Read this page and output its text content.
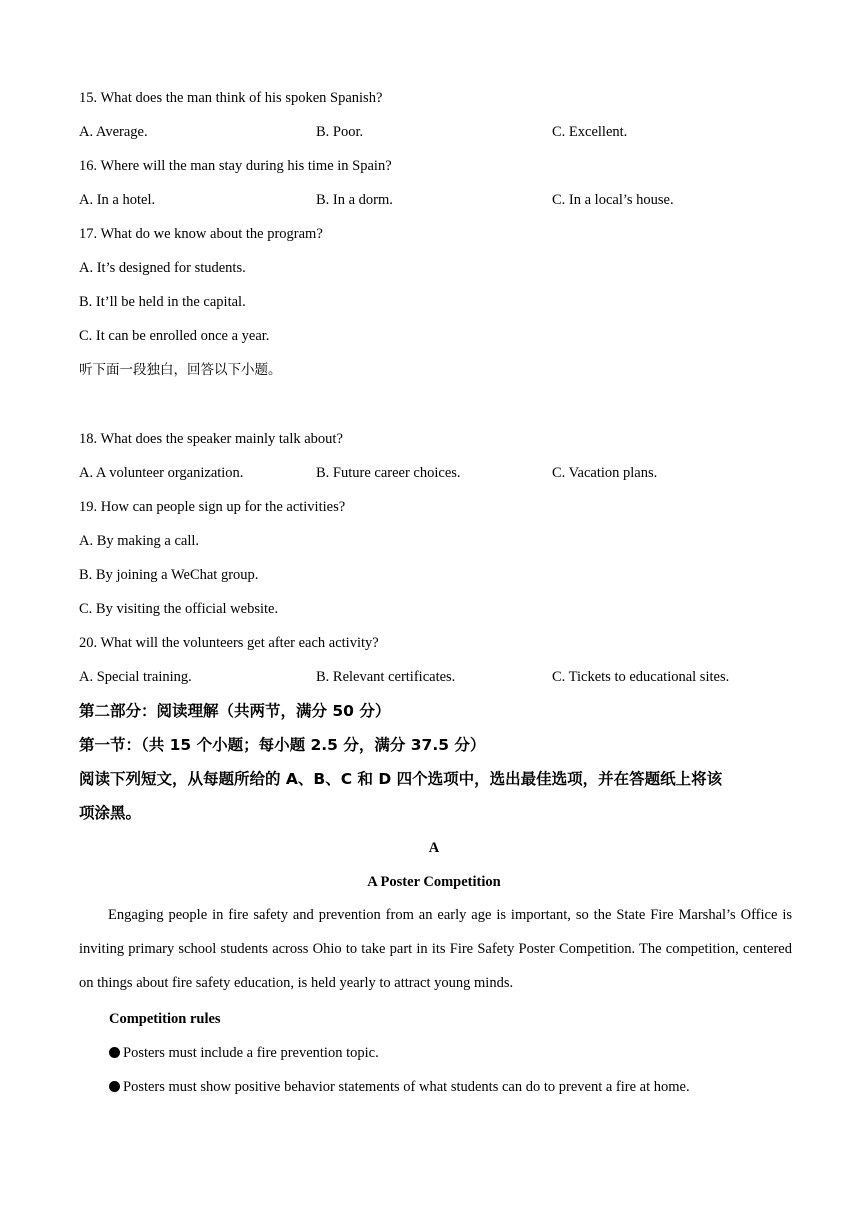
15. What does the man think of his spoken Spanish?
A. Average.	B. Poor.	C. Excellent.
16. Where will the man stay during his time in Spain?
A. In a hotel.	B. In a dorm.	C. In a local’s house.
17. What do we know about the program?
A. It’s designed for students.
B. It’ll be held in the capital.
C. It can be enrolled once a year.
听下面一段独白，回答以下小题。
18. What does the speaker mainly talk about?
A. A volunteer organization.	B. Future career choices.	C. Vacation plans.
19. How can people sign up for the activities?
A. By making a call.
B. By joining a WeChat group.
C. By visiting the official website.
20. What will the volunteers get after each activity?
A. Special training.	B. Relevant certificates.	C. Tickets to educational sites.
第二部分：阅读理解（共两节，满分 50 分）
第一节：（共 15 个小题；每小题 2.5 分，满分 37.5 分）
阅读下列短文，从每题所给的 A、B、C 和 D 四个选项中，选出最佳选项，并在答题纸上将该
项涂黑。
A
A Poster Competition
Engaging people in fire safety and prevention from an early age is important, so the State Fire Marshal’s Office is inviting primary school students across Ohio to take part in its Fire Safety Poster Competition. The competition, centered on things about fire safety education, is held yearly to attract young minds.
Competition rules
Posters must include a fire prevention topic.
Posters must show positive behavior statements of what students can do to prevent a fire at home.
